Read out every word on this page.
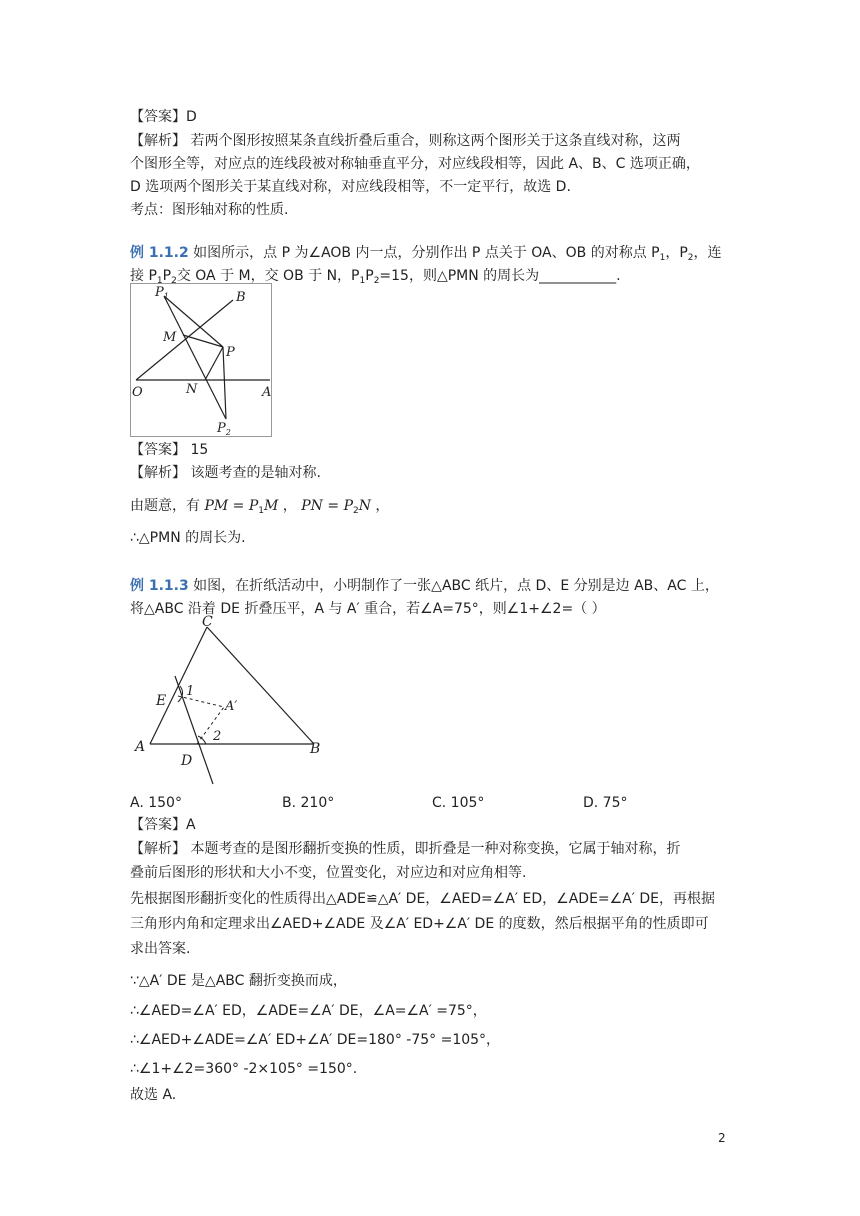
【答案】D
【解析】 若两个图形按照某条直线折叠后重合，则称这两个图形关于这条直线对称，这两
个图形全等，对应点的连线段被对称轴垂直平分，对应线段相等，因此 A、B、C 选项正确，
D 选项两个图形关于某直线对称，对应线段相等，不一定平行，故选 D.
考点：图形轴对称的性质.
例 1.1.2 如图所示，点 P 为∠AOB 内一点，分别作出 P 点关于 OA、OB 的对称点 $P_1$，$P_2$，连
接 $P_1P_2$交 OA 于 M，交 OB 于 N，$P_1P_2=15$，则△PMN 的周长为___________.
$P_1$	B
M
P
O	N	A
$P_2$
【答案】 15
【解析】 该题考查的是轴对称.
由题意，有 PM = $P_1M$ ， PN = $P_2N$ ，
∴△PMN 的周长为.
例 1.1.3 如图，在折纸活动中，小明制作了一张△ABC 纸片，点 D、E 分别是边 AB、AC 上，
将△ABC 沿着 DE 折叠压平，A 与 A′ 重合，若∠A=75°，则∠1+∠2=（ ）
C
E
1
A′
2
A
D
B
A. 150°	B. 210°	C. 105°	D. 75°
【答案】A
【解析】 本题考查的是图形翻折变换的性质，即折叠是一种对称变换，它属于轴对称，折
叠前后图形的形状和大小不变，位置变化，对应边和对应角相等.
先根据图形翻折变化的性质得出△ADE≌△A′ DE，∠AED=∠A′ ED，∠ADE=∠A′ DE，再根据
三角形内角和定理求出∠AED+∠ADE 及∠A′ ED+∠A′ DE 的度数，然后根据平角的性质即可
求出答案.
∵△A′ DE 是△ABC 翻折变换而成，
∴∠AED=∠A′ ED，∠ADE=∠A′ DE，∠A=∠A′ =75°，
∴∠AED+∠ADE=∠A′ ED+∠A′ DE=180° -75° =105°，
∴∠1+∠2=360° -2×105° =150°.
故选 A.
2
